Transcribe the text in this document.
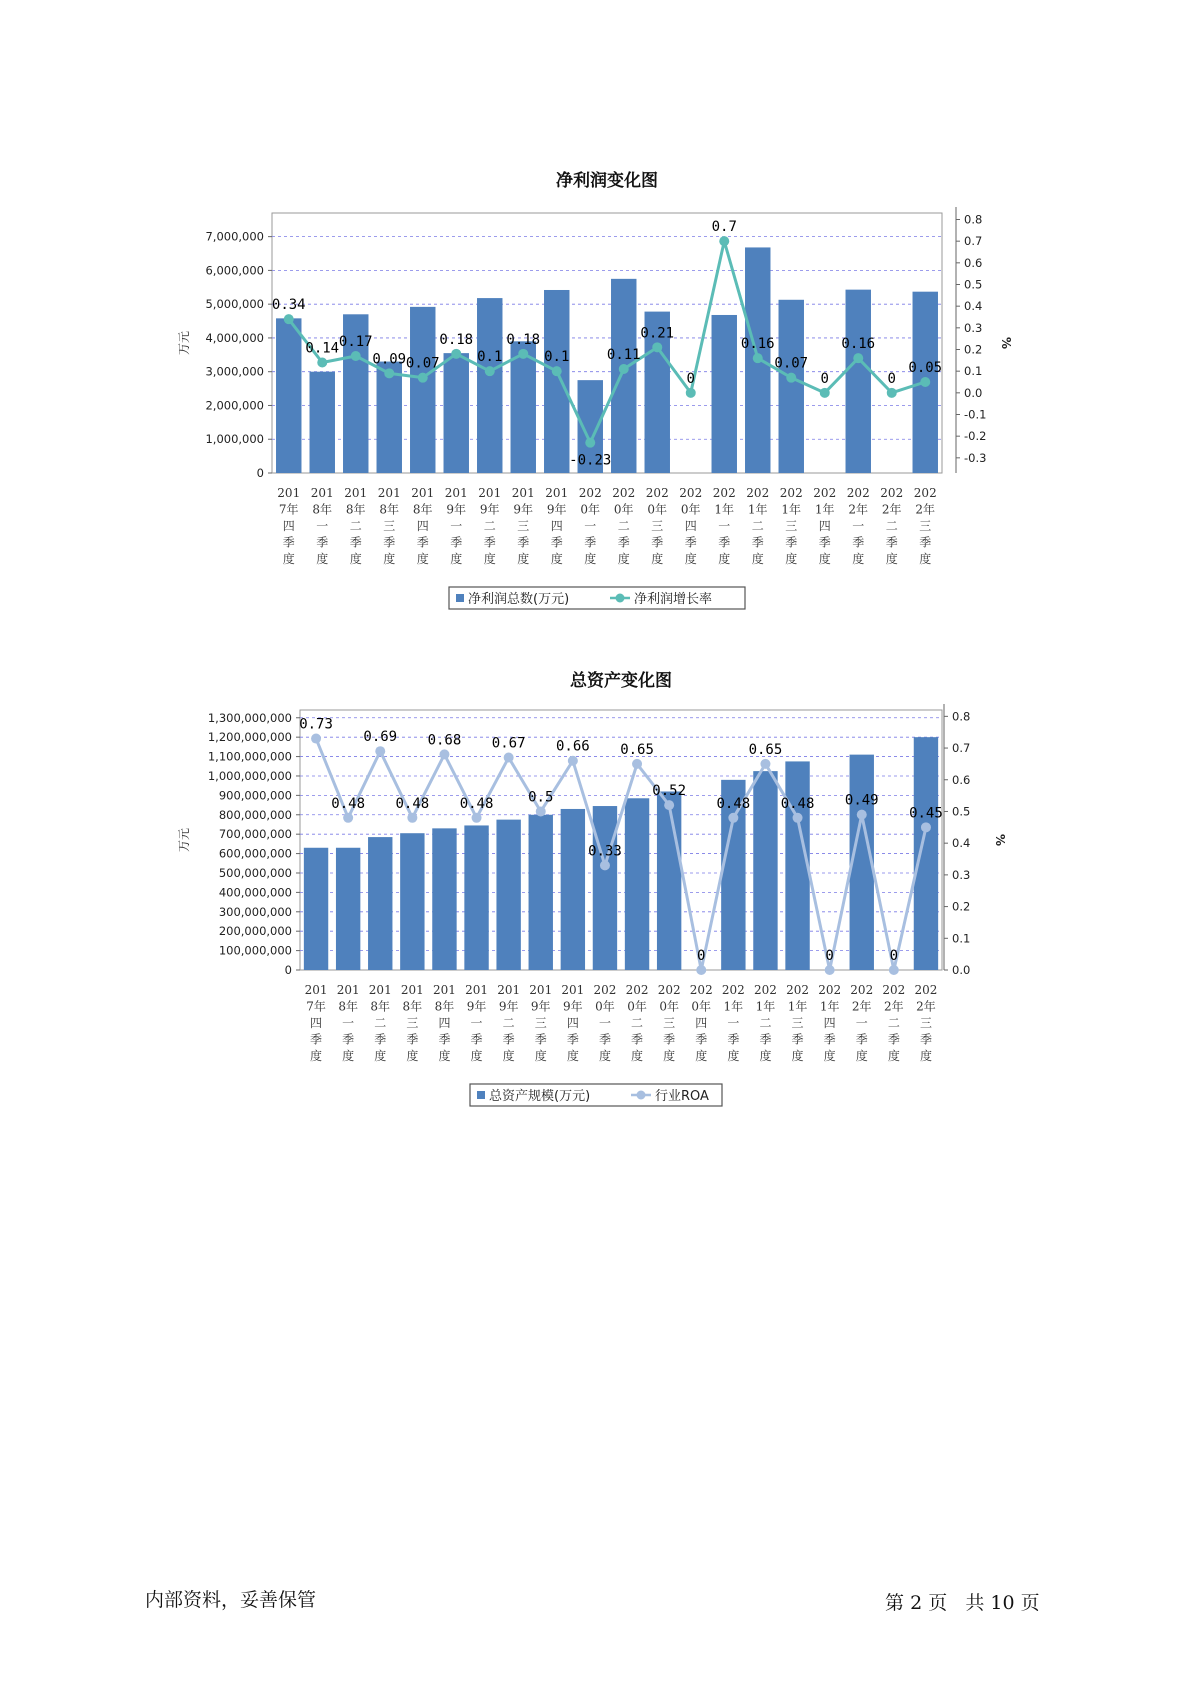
净利润变化图
0
1,000,000
2,000,000
3,000,000
4,000,000
5,000,000
6,000,000
7,000,000
-0.3
-0.2
-0.1
0.0
0.1
0.2
0.3
0.4
0.5
0.6
0.7
0.8
万元	%
0.34
0.14 0.17
0.09 0.07
0.18
0.1
0.18
0.1
-0.23
0.11
0.21
0
0.7
0.16
0.07
0
0.16
0
0.05
201
7年
四
季
度
201
8年
一
季
度
201
8年
二
季
度
201
8年
三
季
度
201
8年
四
季
度
201
9年
一
季
度
201
9年
二
季
度
201
9年
三
季
度
201
9年
四
季
度
202
0年
一
季
度
202
0年
二
季
度
202
0年
三
季
度
202
0年
四
季
度
202
1年
一
季
度
202
1年
二
季
度
202
1年
三
季
度
202
1年
四
季
度
202
2年
一
季
度
202
2年
二
季
度
202
2年
三
季
度
净利润总数(万元)	净利润增长率
总资产变化图
0
100,000,000
200,000,000
300,000,000
400,000,000
500,000,000
600,000,000
700,000,000
800,000,000
900,000,000
1,000,000,000
1,100,000,000
1,200,000,000
1,300,000,000
0.0
0.1
0.2
0.3
0.4
0.5
0.6
0.7
0.8
万元	%
0.73
0.48
0.69
0.48
0.68
0.48
0.67
0.5
0.66
0.33
0.65
0.52
0
0.48
0.65
0.48
0
0.49
0
0.45
201
7年
四
季
度
201
8年
一
季
度
201
8年
二
季
度
201
8年
三
季
度
201
8年
四
季
度
201
9年
一
季
度
201
9年
二
季
度
201
9年
三
季
度
201
9年
四
季
度
202
0年
一
季
度
202
0年
二
季
度
202
0年
三
季
度
202
0年
四
季
度
202
1年
一
季
度
202
1年
二
季
度
202
1年
三
季
度
202
1年
四
季
度
202
2年
一
季
度
202
2年
二
季
度
202
2年
三
季
度
总资产规模(万元)	行业ROA
内部资料，妥善保管	第 2 页 共 10 页
